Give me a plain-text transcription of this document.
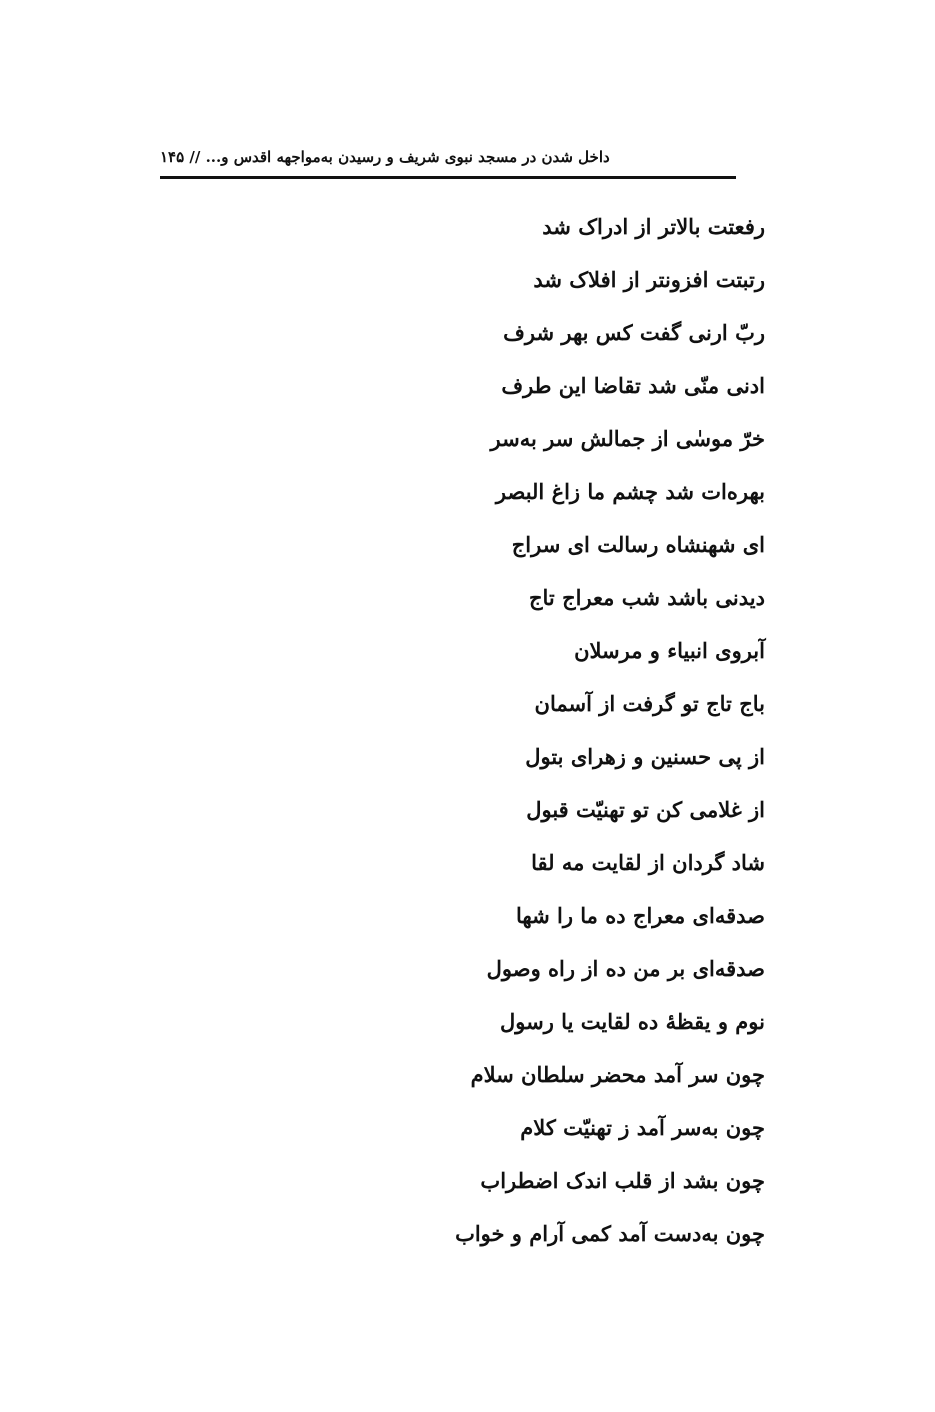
داخل شدن در مسجد نبوی شریف و رسیدن به‌مواجهه اقدس و... // ۱۴۵
رفعتت بالاتر از ادراک شد
رتبتت افزونتر از افلاک شد
ربّ ارنی گفت کس بهر شرف
ادنی منّی شد تقاضا این طرف
خرّ موسٰی از جمالش سر به‌سر
بهره‌ات شد چشم ما زاغ البصر
ای شهنشاه رسالت ای سراج
دیدنی باشد شب معراج تاج
آبروی انبیاء و مرسلان
باج تاج تو گرفت از آسمان
از پی حسنین و زهرای بتول
از غلامی کن تو تهنیّت قبول
شاد گردان از لقایت مه لقا
صدقه‌ای معراج ده ما را شها
صدقه‌ای بر من ده از راه وصول
نوم و یقظهٔ ده لقایت یا رسول
چون سر آمد محضر سلطان سلام
چون به‌سر آمد ز تهنیّت کلام
چون بشد از قلب اندک اضطراب
چون به‌دست آمد کمی آرام و خواب
